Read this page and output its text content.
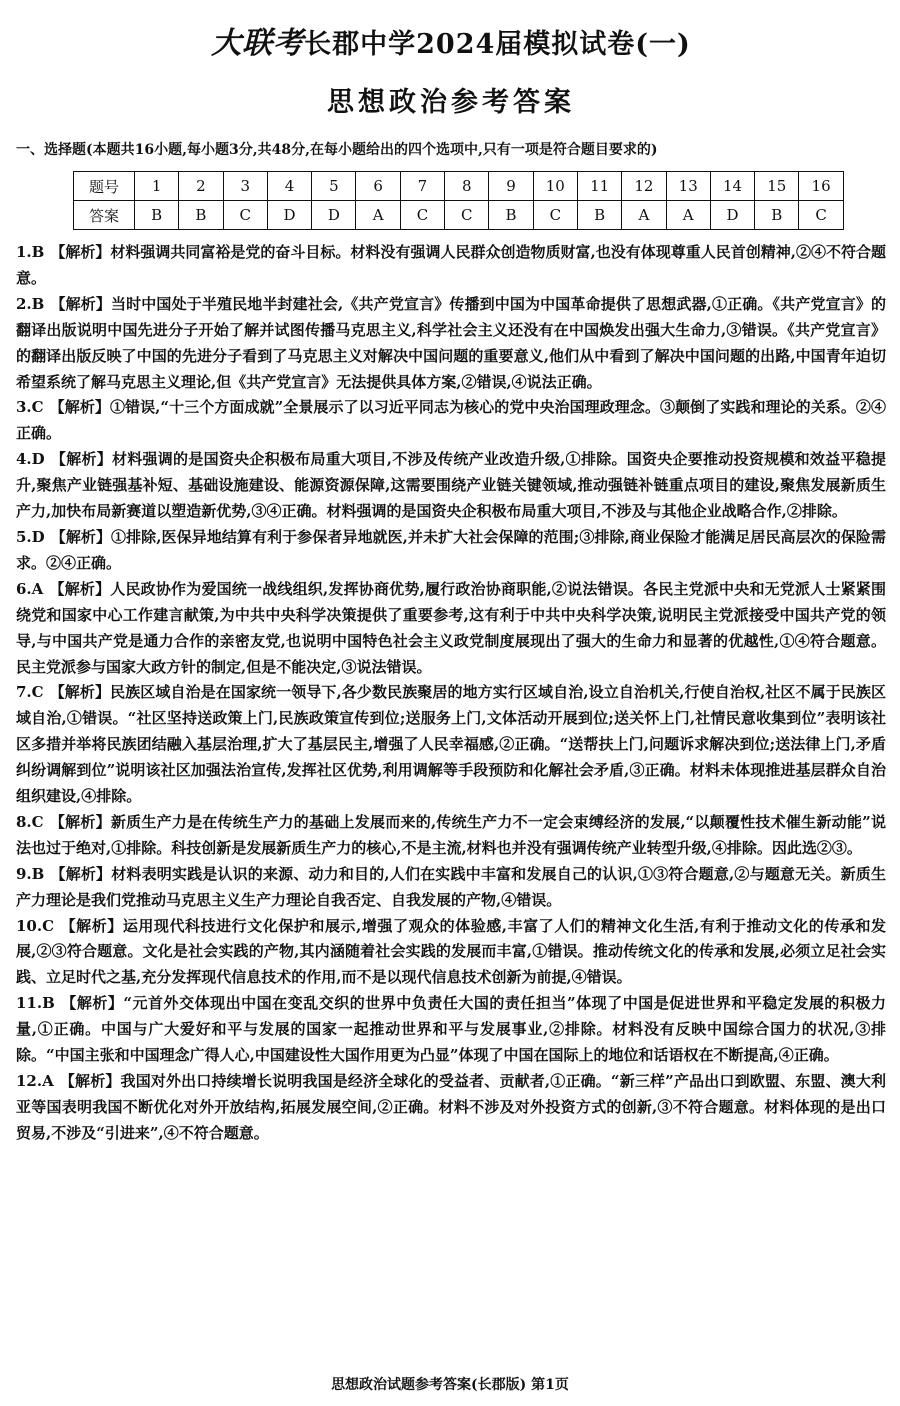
大联考长郡中学2024届模拟试卷(一)
思想政治参考答案
一、选择题(本题共16小题,每小题3分,共48分,在每小题给出的四个选项中,只有一项是符合题目要求的)
题号	1	2	3	4	5	6	7	8	9	10	11	12	13	14	15	16
答案	B	B	C	D	D	A	C	C	B	C	B	A	A	D	B	C

1.B 【解析】材料强调共同富裕是党的奋斗目标。材料没有强调人民群众创造物质财富,也没有体现尊重人民首创精神,②④不符合题意。

2.B 【解析】当时中国处于半殖民地半封建社会,《共产党宣言》传播到中国为中国革命提供了思想武器,①正确。《共产党宣言》的翻译出版说明中国先进分子开始了解并试图传播马克思主义,科学社会主义还没有在中国焕发出强大生命力,③错误。《共产党宣言》的翻译出版反映了中国的先进分子看到了马克思主义对解决中国问题的重要意义,他们从中看到了解决中国问题的出路,中国青年迫切希望系统了解马克思主义理论,但《共产党宣言》无法提供具体方案,②错误,④说法正确。

3.C 【解析】①错误,“十三个方面成就”全景展示了以习近平同志为核心的党中央治国理政理念。③颠倒了实践和理论的关系。②④正确。

4.D 【解析】材料强调的是国资央企积极布局重大项目,不涉及传统产业改造升级,①排除。国资央企要推动投资规模和效益平稳提升,聚焦产业链强基补短、基础设施建设、能源资源保障,这需要围绕产业链关键领域,推动强链补链重点项目的建设,聚焦发展新质生产力,加快布局新赛道以塑造新优势,③④正确。材料强调的是国资央企积极布局重大项目,不涉及与其他企业战略合作,②排除。

5.D 【解析】①排除,医保异地结算有利于参保者异地就医,并未扩大社会保障的范围;③排除,商业保险才能满足居民高层次的保险需求。②④正确。

6.A 【解析】人民政协作为爱国统一战线组织,发挥协商优势,履行政治协商职能,②说法错误。各民主党派中央和无党派人士紧紧围绕党和国家中心工作建言献策,为中共中央科学决策提供了重要参考,这有利于中共中央科学决策,说明民主党派接受中国共产党的领导,与中国共产党是通力合作的亲密友党,也说明中国特色社会主义政党制度展现出了强大的生命力和显著的优越性,①④符合题意。民主党派参与国家大政方针的制定,但是不能决定,③说法错误。

7.C 【解析】民族区域自治是在国家统一领导下,各少数民族聚居的地方实行区域自治,设立自治机关,行使自治权,社区不属于民族区域自治,①错误。“社区坚持送政策上门,民族政策宣传到位;送服务上门,文体活动开展到位;送关怀上门,社情民意收集到位”表明该社区多措并举将民族团结融入基层治理,扩大了基层民主,增强了人民幸福感,②正确。“送帮扶上门,问题诉求解决到位;送法律上门,矛盾纠纷调解到位”说明该社区加强法治宣传,发挥社区优势,利用调解等手段预防和化解社会矛盾,③正确。材料未体现推进基层群众自治组织建设,④排除。

8.C 【解析】新质生产力是在传统生产力的基础上发展而来的,传统生产力不一定会束缚经济的发展,“以颠覆性技术催生新动能”说法也过于绝对,①排除。科技创新是发展新质生产力的核心,不是主流,材料也并没有强调传统产业转型升级,④排除。因此选②③。

9.B 【解析】材料表明实践是认识的来源、动力和目的,人们在实践中丰富和发展自己的认识,①③符合题意,②与题意无关。新质生产力理论是我们党推动马克思主义生产力理论自我否定、自我发展的产物,④错误。

10.C 【解析】运用现代科技进行文化保护和展示,增强了观众的体验感,丰富了人们的精神文化生活,有利于推动文化的传承和发展,②③符合题意。文化是社会实践的产物,其内涵随着社会实践的发展而丰富,①错误。推动传统文化的传承和发展,必须立足社会实践、立足时代之基,充分发挥现代信息技术的作用,而不是以现代信息技术创新为前提,④错误。

11.B 【解析】“元首外交体现出中国在变乱交织的世界中负责任大国的责任担当”体现了中国是促进世界和平稳定发展的积极力量,①正确。中国与广大爱好和平与发展的国家一起推动世界和平与发展事业,②排除。材料没有反映中国综合国力的状况,③排除。“中国主张和中国理念广得人心,中国建设性大国作用更为凸显”体现了中国在国际上的地位和话语权在不断提高,④正确。

12.A 【解析】我国对外出口持续增长说明我国是经济全球化的受益者、贡献者,①正确。“新三样”产品出口到欧盟、东盟、澳大利亚等国表明我国不断优化对外开放结构,拓展发展空间,②正确。材料不涉及对外投资方式的创新,③不符合题意。材料体现的是出口贸易,不涉及“引进来”,④不符合题意。

思想政治试题参考答案(长郡版) 第1页
